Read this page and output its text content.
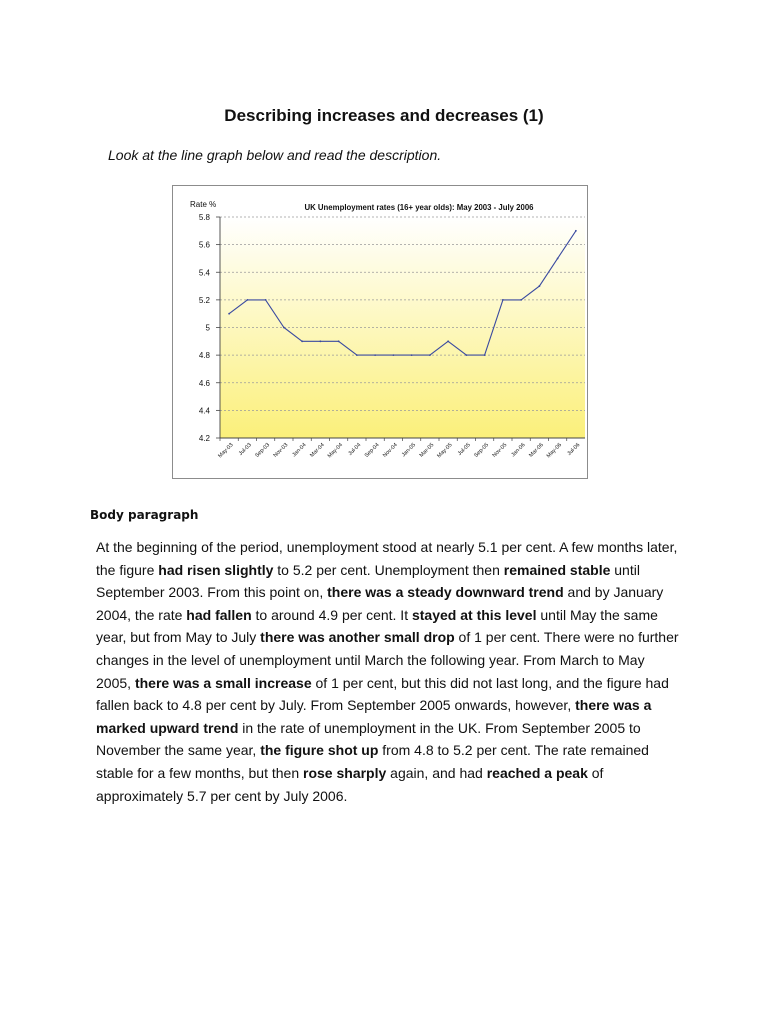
Describing increases and decreases (1)
Look at the line graph below and read the description.
5.8
5.6
5.4
5.2
5
4.8
4.6
4.4
4.2
May-03 Jul-03 Sep-03 Nov-03 Jan-04 Mar-04 May-04 Jul-04 Sep-04 Nov-04 Jan-05 Mar-05 May-05 Jul-05 Sep-05 Nov-05 Jan-06 Mar-06 May-06 Jul-06
Rate %	UK Unemployment rates (16+ year olds): May 2003 - July 2006
Body paragraph
At the beginning of the period, unemployment stood at nearly 5.1 per cent. A few months later, the figure had risen slightly to 5.2 per cent. Unemployment then remained stable until September 2003. From this point on, there was a steady downward trend and by January 2004, the rate had fallen to around 4.9 per cent. It stayed at this level until May the same year, but from May to July there was another small drop of 1 per cent. There were no further changes in the level of unemployment until March the following year. From March to May 2005, there was a small increase of 1 per cent, but this did not last long, and the figure had fallen back to 4.8 per cent by July. From September 2005 onwards, however, there was a marked upward trend in the rate of unemployment in the UK. From September 2005 to November the same year, the figure shot up from 4.8 to 5.2 per cent. The rate remained stable for a few months, but then rose sharply again, and had reached a peak of approximately 5.7 per cent by July 2006.
